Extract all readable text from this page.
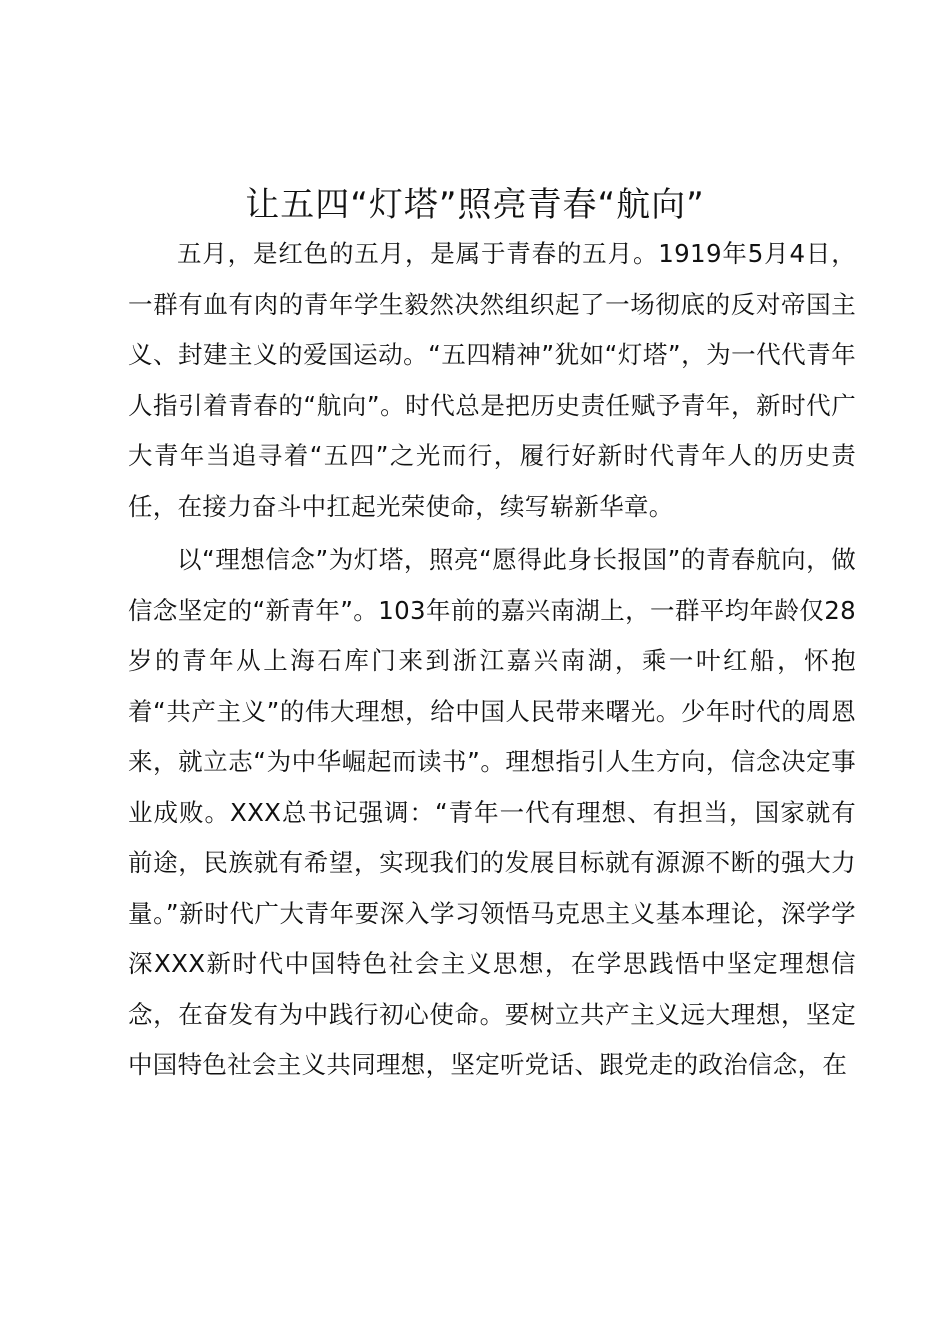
让五四“灯塔”照亮青春“航向”

五月，是红色的五月，是属于青春的五月。1919年5月4日，一群有血有肉的青年学生毅然决然组织起了一场彻底的反对帝国主义、封建主义的爱国运动。“五四精神”犹如“灯塔”，为一代代青年人指引着青春的“航向”。时代总是把历史责任赋予青年，新时代广大青年当追寻着“五四”之光而行，履行好新时代青年人的历史责任，在接力奋斗中扛起光荣使命，续写崭新华章。

以“理想信念”为灯塔，照亮“愿得此身长报国”的青春航向，做信念坚定的“新青年”。103年前的嘉兴南湖上，一群平均年龄仅28岁的青年从上海石库门来到浙江嘉兴南湖，乘一叶红船，怀抱着“共产主义”的伟大理想，给中国人民带来曙光。少年时代的周恩来，就立志“为中华崛起而读书”。理想指引人生方向，信念决定事业成败。XXX总书记强调：“青年一代有理想、有担当，国家就有前途，民族就有希望，实现我们的发展目标就有源源不断的强大力量。”新时代广大青年要深入学习领悟马克思主义基本理论，深学学深XXX新时代中国特色社会主义思想，在学思践悟中坚定理想信念，在奋发有为中践行初心使命。要树立共产主义远大理想，坚定中国特色社会主义共同理想，坚定听党话、跟党走的政治信念，在
